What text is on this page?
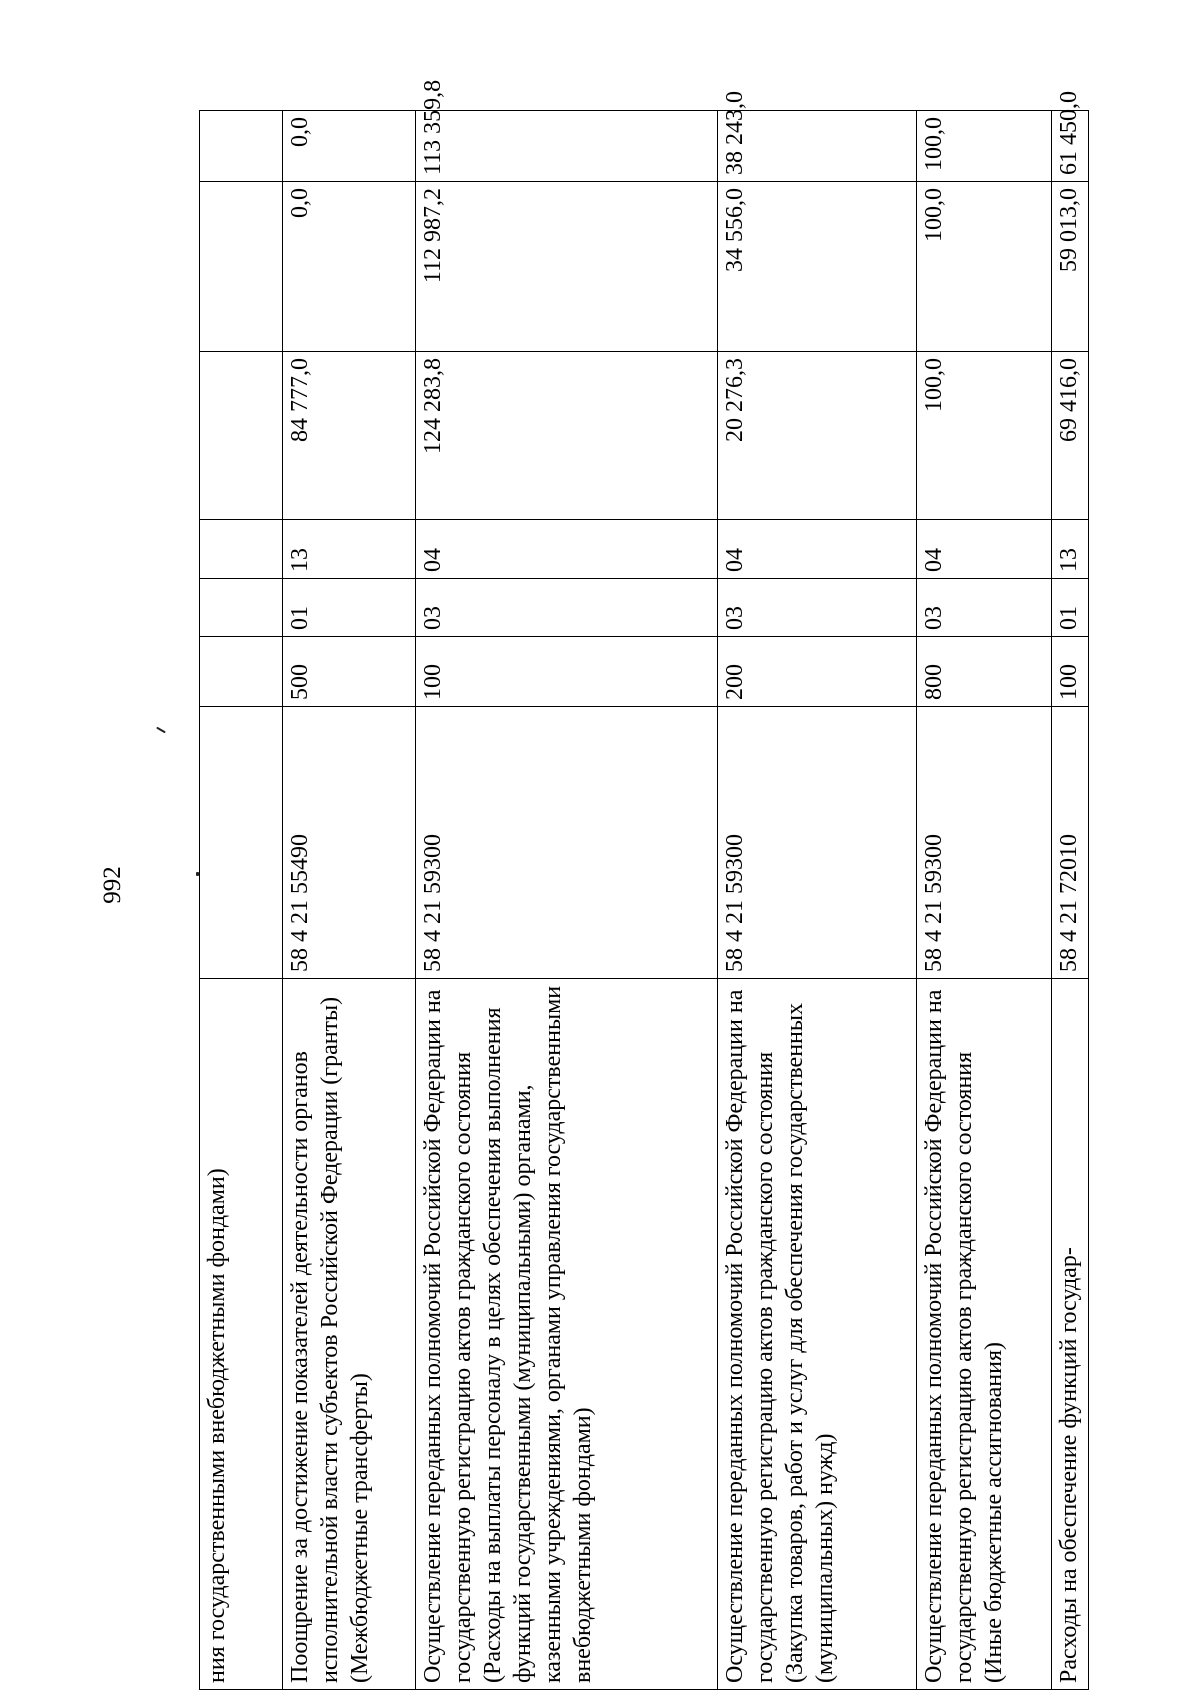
992
ния государственными внебюджетными фондами)							
Поощрение за достижение показателей деятельности органов исполнительной власти субъектов Российской Федерации (гранты) (Межбюджетные трансферты)	58 4 21 55490	500	01	13	84 777,0	0,0	0,0
Осуществление переданных полномочий Российской Федерации на государственную регистрацию актов гражданского состояния (Расходы на выплаты персоналу в целях обеспечения выполнения функций государственными (муниципальными) органами, казенными учреждениями, органами управления государственными внебюджетными фондами)	58 4 21 59300	100	03	04	124 283,8	112 987,2	113 359,8
Осуществление переданных полномочий Российской Федерации на государственную регистрацию актов гражданского состояния (Закупка товаров, работ и услуг для обеспечения государственных (муниципальных) нужд)	58 4 21 59300	200	03	04	20 276,3	34 556,0	38 243,0
Осуществление переданных полномочий Российской Федерации на государственную регистрацию актов гражданского состояния (Иные бюджетные ассигнования)	58 4 21 59300	800	03	04	100,0	100,0	100,0
Расходы на обеспечение функций государ-	58 4 21 72010	100	01	13	69 416,0	59 013,0	61 450,0
